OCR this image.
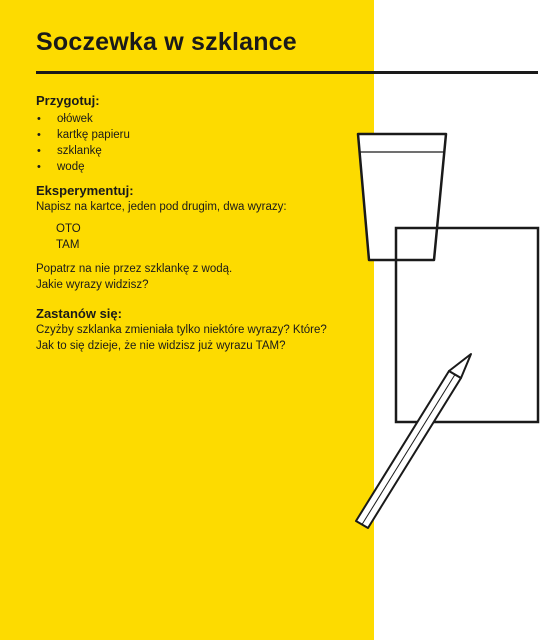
Soczewka w szklance
Przygotuj:
• ołówek
• kartkę papieru
• szklankę
• wodę
Eksperymentuj:

Napisz na kartce, jeden pod drugim, dwa wyrazy:

OTO

TAM

Popatrz na nie przez szklankę z wodą.

Jakie wyrazy widzisz?

Zastanów się:

Czyżby szklanka zmieniała tylko niektóre wyrazy? Które?

Jak to się dzieje, że nie widzisz już wyrazu TAM?
